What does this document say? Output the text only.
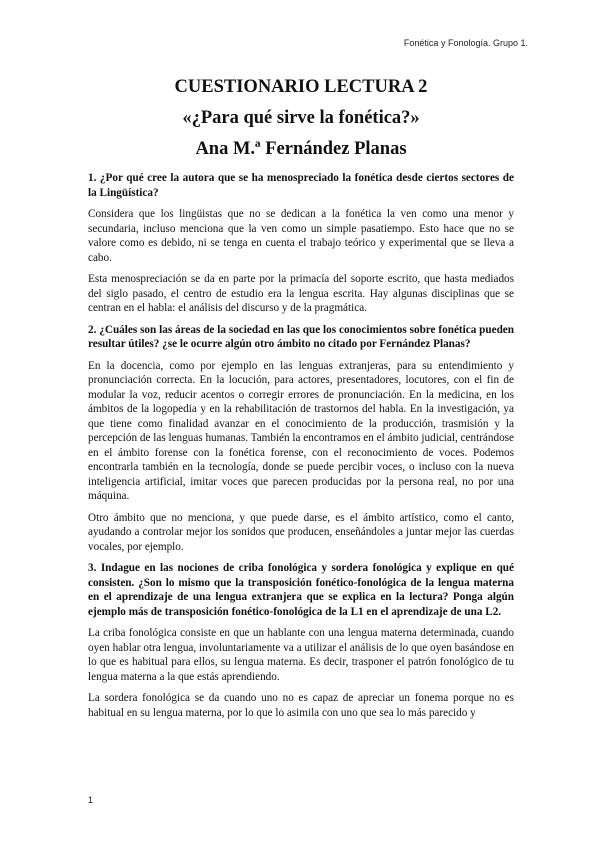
Fonética y Fonología. Grupo 1.

CUESTIONARIO LECTURA 2

«¿Para qué sirve la fonética?»

Ana M.ª Fernández Planas

1. ¿Por qué cree la autora que se ha menospreciado la fonética desde ciertos sectores de la Lingüística?

Considera que los lingüistas que no se dedican a la fonética la ven como una menor y secundaria, incluso menciona que la ven como un simple pasatiempo. Esto hace que no se valore como es debido, ni se tenga en cuenta el trabajo teórico y experimental que se lleva a cabo.

Esta menospreciación se da en parte por la primacía del soporte escrito, que hasta mediados del siglo pasado, el centro de estudio era la lengua escrita. Hay algunas disciplinas que se centran en el habla: el análisis del discurso y de la pragmática.

2. ¿Cuáles son las áreas de la sociedad en las que los conocimientos sobre fonética pueden resultar útiles? ¿se le ocurre algún otro ámbito no citado por Fernández Planas?

En la docencia, como por ejemplo en las lenguas extranjeras, para su entendimiento y pronunciación correcta. En la locución, para actores, presentadores, locutores, con el fin de modular la voz, reducir acentos o corregir errores de pronunciación. En la medicina, en los ámbitos de la logopedia y en la rehabilitación de trastornos del habla. En la investigación, ya que tiene como finalidad avanzar en el conocimiento de la producción, trasmisión y la percepción de las lenguas humanas. También la encontramos en el ámbito judicial, centrándose en el ámbito forense con la fonética forense, con el reconocimiento de voces. Podemos encontrarla también en la tecnología, donde se puede percibir voces, o incluso con la nueva inteligencia artificial, imitar voces que parecen producidas por la persona real, no por una máquina.

Otro ámbito que no menciona, y que puede darse, es el ámbito artístico, como el canto, ayudando a controlar mejor los sonidos que producen, enseñándoles a juntar mejor las cuerdas vocales, por ejemplo.

3. Indague en las nociones de criba fonológica y sordera fonológica y explique en qué consisten. ¿Son lo mismo que la transposición fonético-fonológica de la lengua materna en el aprendizaje de una lengua extranjera que se explica en la lectura? Ponga algún ejemplo más de transposición fonético-fonológica de la L1 en el aprendizaje de una L2.

La criba fonológica consiste en que un hablante con una lengua materna determinada, cuando oyen hablar otra lengua, involuntariamente va a utilizar el análisis de lo que oyen basándose en lo que es habitual para ellos, su lengua materna. Es decir, trasponer el patrón fonológico de tu lengua materna a la que estás aprendiendo.

La sordera fonológica se da cuando uno no es capaz de apreciar un fonema porque no es habitual en su lengua materna, por lo que lo asimila con uno que sea lo más parecido y

1
